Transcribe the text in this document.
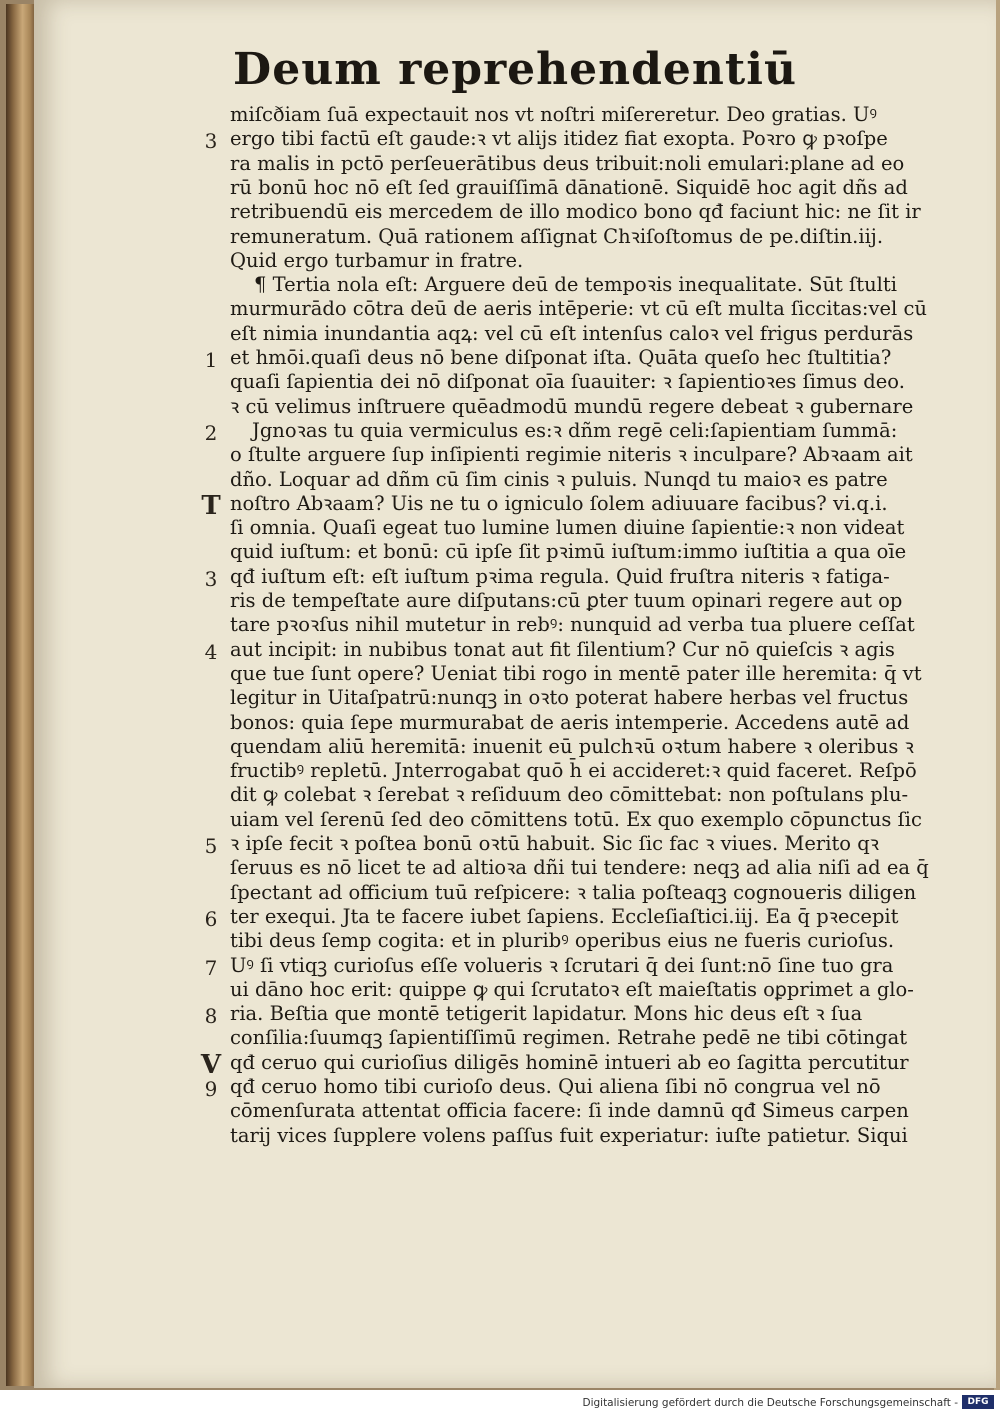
Deum reprehendentiū
miſcðiam ſuā expectauit nos vt noſtri miſereretur. Deo gratias. Uꝰ
ergo tibi factū eſt gaude:ꝛ vt alijs itidez fiat exopta. Poꝛro ꝙ pꝛoſpe
ra malis in pctō perſeuerātibus deus tribuit:noli emulari:plane ad eo
rū bonū hoc nō eſt ſed grauiſſimā dānationē. Siquidē hoc agit dñs ad
retribuendū eis mercedem de illo modico bono qđ faciunt hic: ne ſit ir
remuneratum. Quā rationem aſſignat Chꝛiſoſtomus de pe.diſtin.iij.
Quid ergo turbamur in fratre.
¶ Tertia nola eſt: Arguere deū de tempoꝛis inequalitate. Sūt ſtulti
murmurādo cōtra deū de aeris intēperie: vt cū eſt multa ſiccitas:vel cū
eſt nimia inundantia aqꝝ: vel cū eſt intenſus caloꝛ vel frigus perdurās
et hmōi.quaſi deus nō bene diſponat iſta. Quāta queſo hec ſtultitia?
quaſi ſapientia dei nō diſponat oīa ſuauiter: ꝛ ſapientioꝛes ſimus deo.
ꝛ cū velimus inſtruere quēadmodū mundū regere debeat ꝛ gubernare
Jgnoꝛas tu quia vermiculus es:ꝛ dñm regē celi:ſapientiam ſummā:
o ſtulte arguere ſup inſipienti regimie niteris ꝛ inculpare? Abꝛaam ait
dño. Loquar ad dñm cū ſim cinis ꝛ puluis. Nunqd tu maioꝛ es patre
noſtro Abꝛaam? Uis ne tu o igniculo ſolem adiuuare facibus? vi.q.i.
ſi omnia. Quaſi egeat tuo lumine lumen diuine ſapientie:ꝛ non videat
quid iuſtum: et bonū: cū ipſe ſit pꝛimū iuſtum:immo iuſtitia a qua oīe
qđ iuſtum eſt: eſt iuſtum pꝛima regula. Quid fruſtra niteris ꝛ fatiga-
ris de tempeſtate aure diſputans:cū ꝑter tuum opinari regere aut op
tare pꝛoꝛſus nihil mutetur in rebꝰ: nunquid ad verba tua pluere ceſſat
aut incipit: in nubibus tonat aut fit ſilentium? Cur nō quieſcis ꝛ agis
que tue ſunt opere? Ueniat tibi rogo in mentē pater ille heremita: q̄ vt
legitur in Uitaſpatrū:nunqꝫ in oꝛto poterat habere herbas vel fructus
bonos: quia ſepe murmurabat de aeris intemperie. Accedens autē ad
quendam aliū heremitā: inuenit eū pulchꝛū oꝛtum habere ꝛ oleribus ꝛ
fructibꝰ repletū. Jnterrogabat quō h̄ ei accideret:ꝛ quid faceret. Reſpō
dit ꝙ colebat ꝛ ſerebat ꝛ reſiduum deo cōmittebat: non poſtulans plu-
uiam vel ſerenū ſed deo cōmittens totū. Ex quo exemplo cōpunctus ſic
ꝛ ipſe fecit ꝛ poſtea bonū oꝛtū habuit. Sic ſic fac ꝛ viues. Merito qꝛ
ſeruus es nō licet te ad altioꝛa dñi tui tendere: neqꝫ ad alia niſi ad ea q̄
ſpectant ad officium tuū reſpicere: ꝛ talia poſteaqꝫ cognoueris diligen
ter exequi. Jta te facere iubet ſapiens. Eccleſiaſtici.iij. Ea q̄ pꝛecepit
tibi deus ſemp cogita: et in pluribꝰ operibus eius ne fueris curioſus.
Uꝰ ſi vtiqꝫ curioſus eſſe volueris ꝛ ſcrutari q̄ dei ſunt:nō ſine tuo gra
ui dāno hoc erit: quippe ꝙ qui ſcrutatoꝛ eſt maieſtatis oꝑprimet a glo-
ria. Beſtia que montē tetigerit lapidatur. Mons hic deus eſt ꝛ ſua
conſilia:ſuumqꝫ ſapientiſſimū regimen. Retrahe pedē ne tibi cōtingat
qđ ceruo qui curioſius diligēs hominē intueri ab eo ſagitta percutitur
qđ ceruo homo tibi curioſo deus. Qui aliena ſibi nō congrua vel nō
cōmenſurata attentat officia facere: ſi inde damnū qđ Simeus carpen
tarij vices ſupplere volens paſſus fuit experiatur: iuſte patietur. Siqui
3
1
2
T
3
4
5
6
7
8
V
9
Digitalisierung gefördert durch die Deutsche Forschungsgemeinschaft -	DFG
